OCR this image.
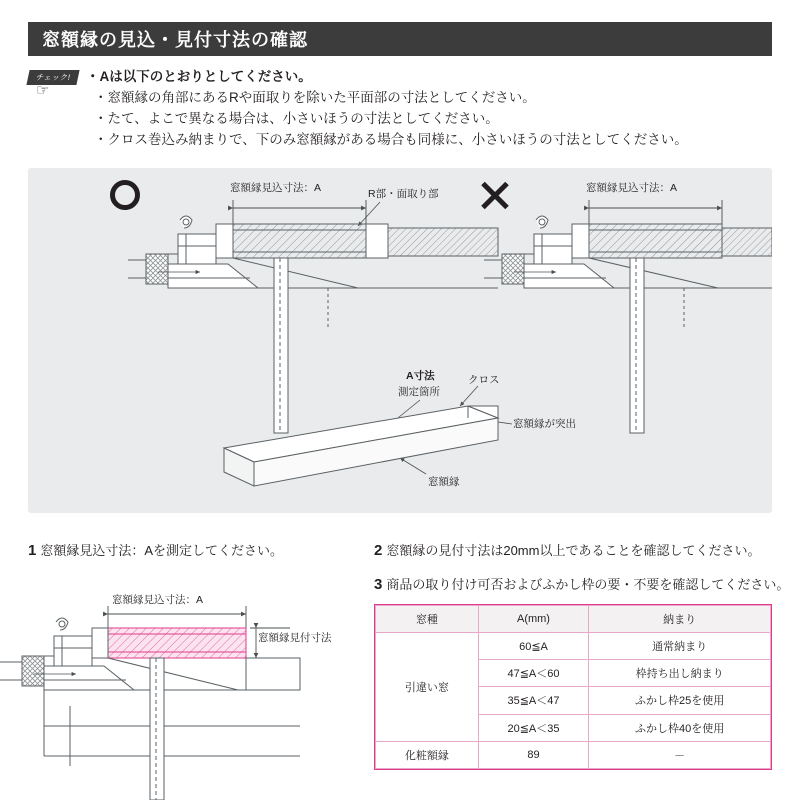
窓額縁の見込・見付寸法の確認
チェック!
☞
・Aは以下のとおりとしてください。
・窓額縁の角部にあるRや面取りを除いた平面部の寸法としてください。
・たて、よこで異なる場合は、小さいほうの寸法としてください。
・クロス巻込み納まりで、下のみ窓額縁がある場合も同様に、小さいほうの寸法としてください。
窓額縁見込寸法：A	R部・面取り部	窓額縁見込寸法：A
A寸法
測定箇所
クロス
窓額縁が突出
窓額縁
1 窓額縁見込寸法：Aを測定してください。	2 窓額縁の見付寸法は20mm以上であることを確認してください。
3 商品の取り付け可否およびふかし枠の要・不要を確認してください。
窓額縁見込寸法：A
窓額縁見付寸法
窓種	A(mm)	納まり
引違い窓	60≦A	通常納まり
	47≦A＜60	枠持ち出し納まり
	35≦A＜47	ふかし枠25を使用
	20≦A＜35	ふかし枠40を使用
化粧額縁	89	－
